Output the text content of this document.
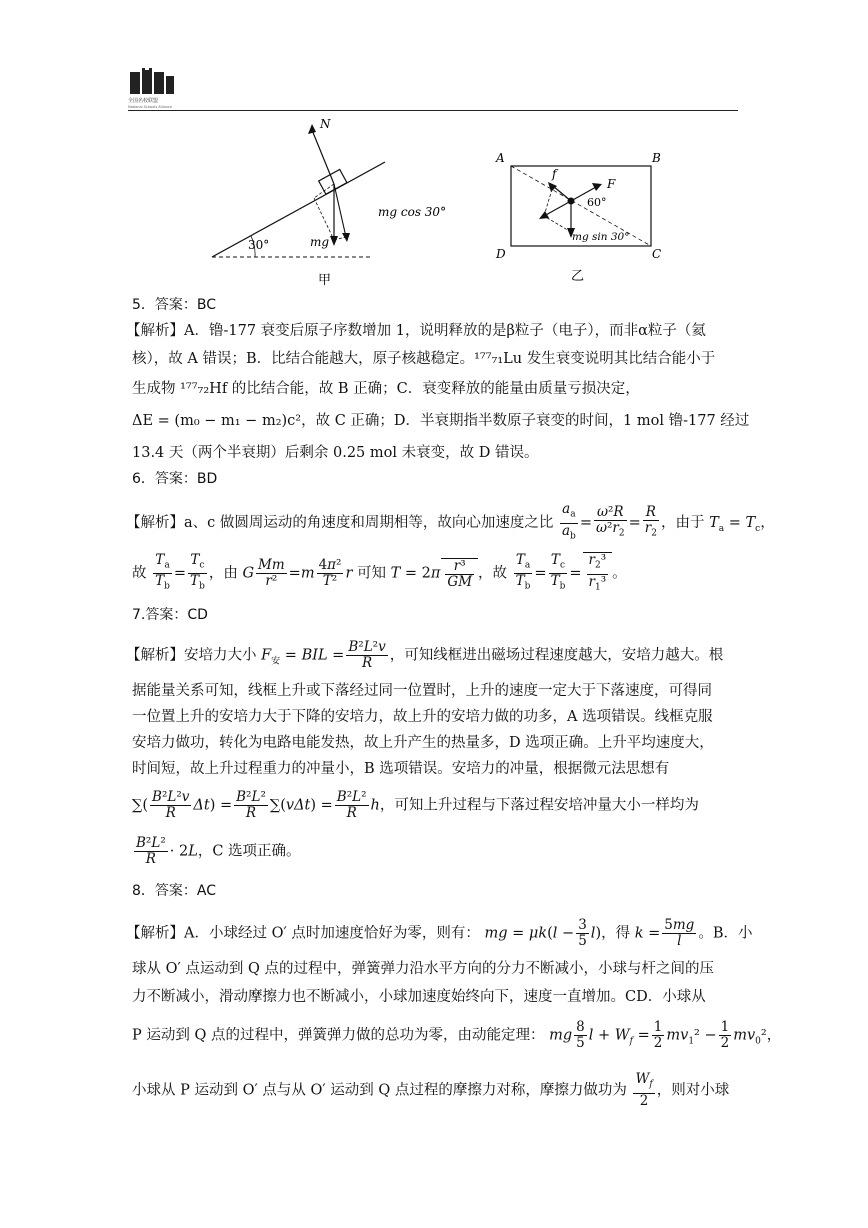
全国名校联盟
National Schools Alliance
N
mg
mg cos 30°
30°
甲
A	B
C
D
f
F
60°
mg sin 30°
乙
5．答案：BC
【解析】A．镥-177 衰变后原子序数增加 1，说明释放的是β粒子（电子），而非α粒子（氦
核），故 A 错误；B．比结合能越大，原子核越稳定。¹⁷⁷₇₁Lu 发生衰变说明其比结合能小于
生成物 ¹⁷⁷₇₂Hf 的比结合能，故 B 正确；C．衰变释放的能量由质量亏损决定，
ΔE = (m₀ − m₁ − m₂)c²，故 C 正确；D．半衰期指半数原子衰变的时间，1 mol 镥-177 经过
13.4 天（两个半衰期）后剩余 0.25 mol 未衰变，故 D 错误。
6．答案：BD
【解析】a、c 做圆周运动的角速度和周期相等，故向心加速度之比 $\frac{a_a}{a_b} = \frac{\text{ω²R}}{\omega^2r_2} = \frac{R}{r_2}$ ，由于 $T_a = T_c$，
故 $\frac{T_a}{T_b} = \frac{T_c}{T_b}$ ，由 G $\frac{Mm}{\text{r²}} =m \frac{\text{4π²}}{\text{T²}}$ r 可知 $T = 2\pi \frac{\text{r³}}{GM}$ ，故 $\frac{T_a}{T_b} = \frac{T_c}{T_b} = \frac{r_2^3}{r_1^3}$ 。
7.答案：CD
【解析】安培力大小 $F_安$ = BIL = $\frac{\text{B²L²v}}{R}$ ，可知线框进出磁场过程速度越大，安培力越大。根
据能量关系可知，线框上升或下落经过同一位置时，上升的速度一定大于下落速度，可得同
一位置上升的安培力大于下降的安培力，故上升的安培力做的功多，A 选项错误。线框克服
安培力做功，转化为电路电能发热，故上升产生的热量多，D 选项正确。上升平均速度大，
时间短，故上升过程重力的冲量小，B 选项错误。安培力的冲量，根据微元法思想有
∑( $\frac{\text{B²L²v}}{R} \Delta t) = \frac{\text{B²L²}}{R} \sum(v\Delta t) = \frac{\text{B²L²}}{R}$ h，可知上升过程与下落过程安培冲量大小一样均为
$\frac{\text{B²L²}}{R} \cdot 2L$，C 选项正确。
8．答案：AC
【解析】A．小球经过 O′ 点时加速度恰好为零，则有： mg = $\mu k(l - \frac{3}{5} l)$，得 $k = \frac{5mg}{l}$ 。B．小
球从 O′ 点运动到 Q 点的过程中，弹簧弹力沿水平方向的分力不断减小，小球与杆之间的压
力不断减小，滑动摩擦力也不断减小，小球加速度始终向下，速度一直增加。CD．小球从
P 运动到 Q 点的过程中，弹簧弹力做的总功为零，由动能定理： mg $\frac{8}{5}$ $l + W_f = \frac{1}{2} mv_1^2 - \frac{1}{2} mv_0^2$，
小球从 P 运动到 O′ 点与从 O′ 运动到 Q 点过程的摩擦力对称，摩擦力做功为 $\frac{W_f}{2}$ ，则对小球
